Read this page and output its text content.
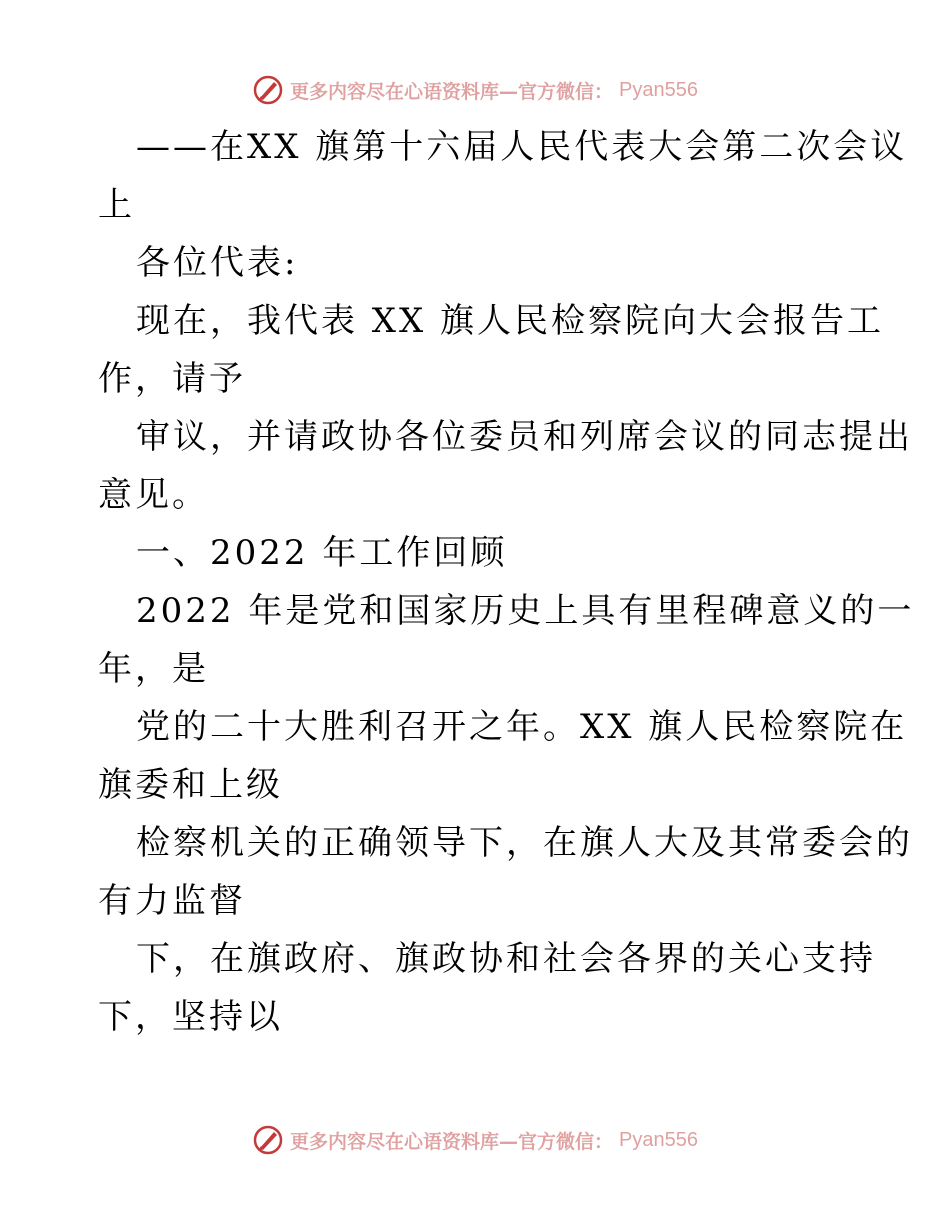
更多内容尽在心语资料库—官方微信： Pyan556
——在XX 旗第十六届人民代表大会第二次会议
上
各位代表:
现在，我代表 XX 旗人民检察院向大会报告工
作，请予
审议，并请政协各位委员和列席会议的同志提出
意见。
一、2022 年工作回顾
2022 年是党和国家历史上具有里程碑意义的一
年，是
党的二十大胜利召开之年。XX 旗人民检察院在
旗委和上级
检察机关的正确领导下，在旗人大及其常委会的
有力监督
下，在旗政府、旗政协和社会各界的关心支持
下，坚持以
更多内容尽在心语资料库—官方微信： Pyan556
